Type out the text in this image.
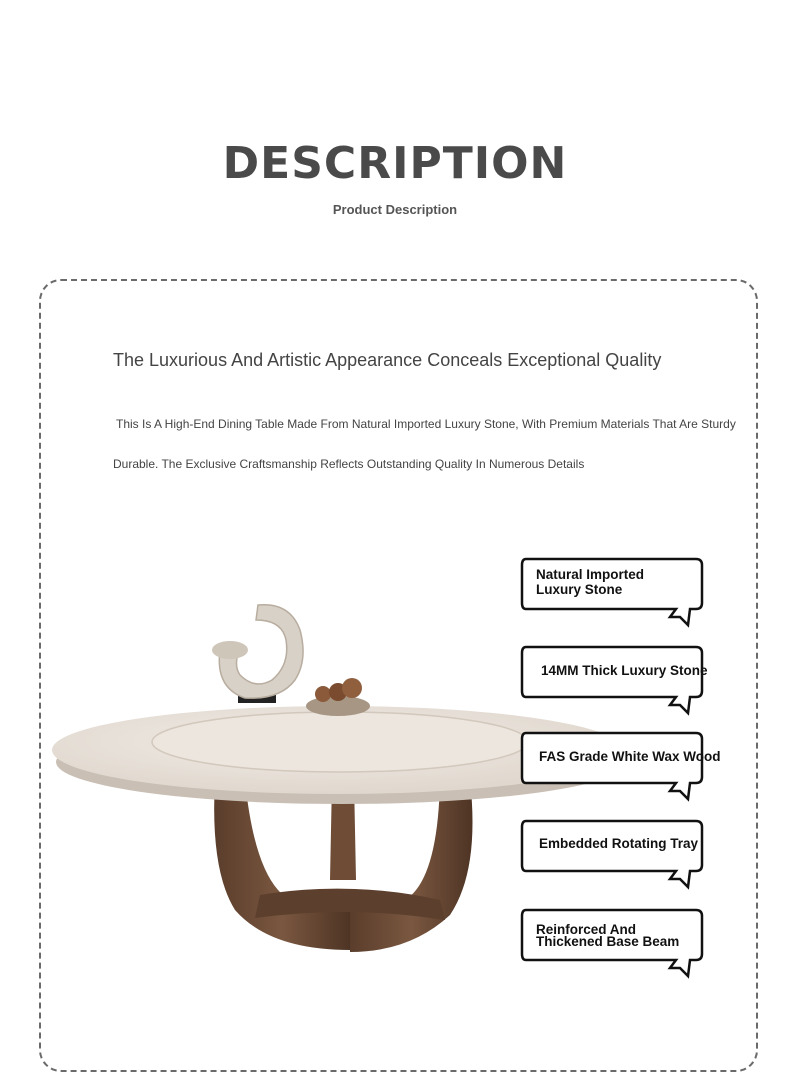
DESCRIPTION
Product Description
The Luxurious And Artistic Appearance Conceals Exceptional Quality
This Is A High-End Dining Table Made From Natural Imported Luxury Stone, With Premium Materials That Are Sturdy Durable. The Exclusive Craftsmanship Reflects Outstanding Quality In Numerous Details
Natural Imported
Luxury Stone
14MM Thick Luxury Stone
FAS Grade White Wax Wood
Embedded Rotating Tray
Reinforced And
Thickened Base Beam
